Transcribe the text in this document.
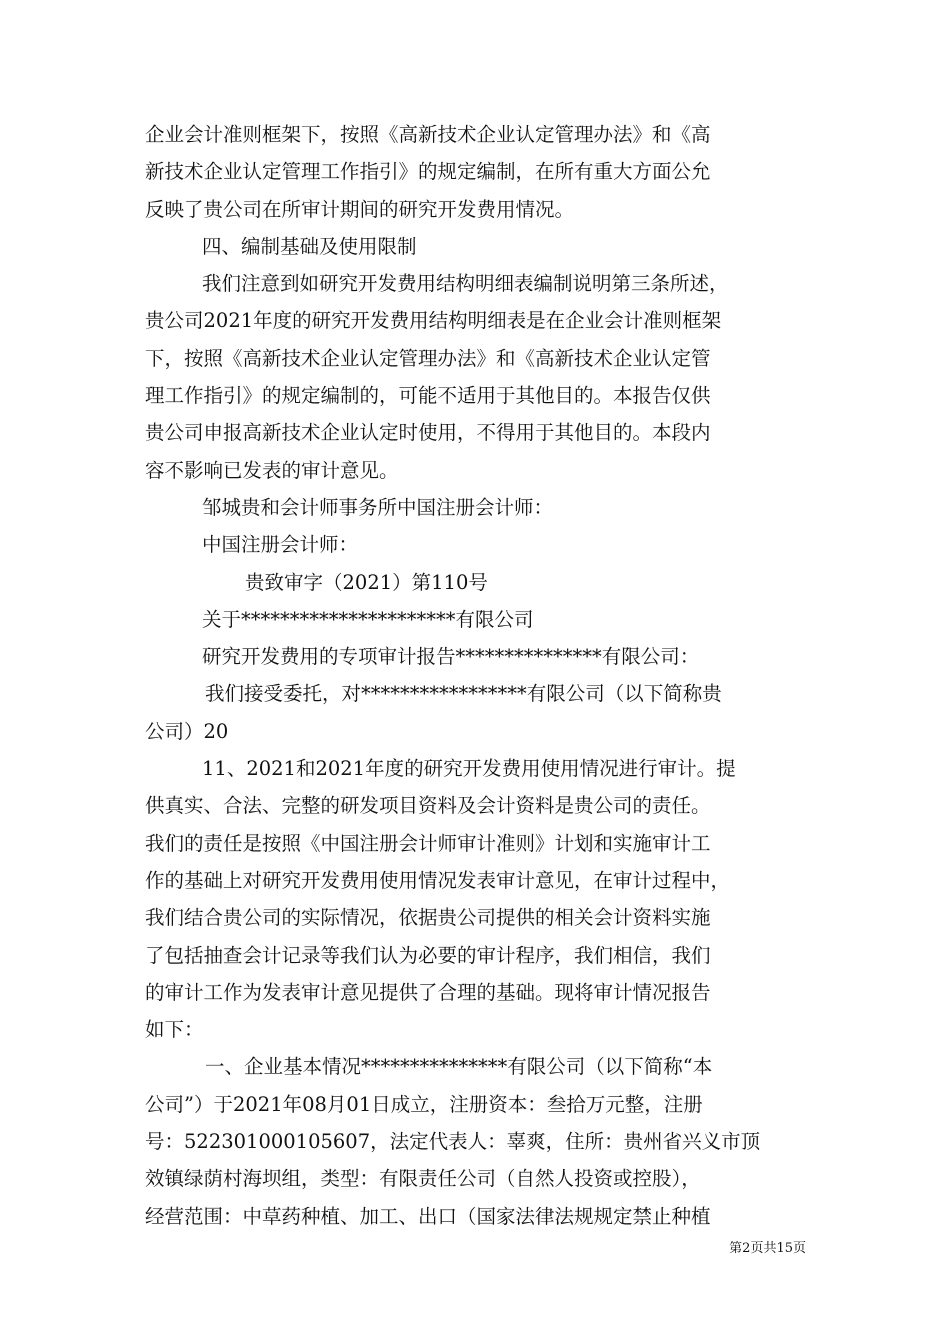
企业会计准则框架下，按照《高新技术企业认定管理办法》和《高
新技术企业认定管理工作指引》的规定编制，在所有重大方面公允
反映了贵公司在所审计期间的研究开发费用情况。
四、编制基础及使用限制
我们注意到如研究开发费用结构明细表编制说明第三条所述，
贵公司2021年度的研究开发费用结构明细表是在企业会计准则框架
下，按照《高新技术企业认定管理办法》和《高新技术企业认定管
理工作指引》的规定编制的，可能不适用于其他目的。本报告仅供
贵公司申报高新技术企业认定时使用，不得用于其他目的。本段内
容不影响已发表的审计意见。
邹城贵和会计师事务所中国注册会计师：
中国注册会计师：
贵致审字（2021）第110号
关于**********************有限公司
研究开发费用的专项审计报告***************有限公司：
我们接受委托，对*****************有限公司（以下简称贵
公司）20
11、2021和2021年度的研究开发费用使用情况进行审计。提
供真实、合法、完整的研发项目资料及会计资料是贵公司的责任。
我们的责任是按照《中国注册会计师审计准则》计划和实施审计工
作的基础上对研究开发费用使用情况发表审计意见，在审计过程中，
我们结合贵公司的实际情况，依据贵公司提供的相关会计资料实施
了包括抽查会计记录等我们认为必要的审计程序，我们相信，我们
的审计工作为发表审计意见提供了合理的基础。现将审计情况报告
如下：
一、企业基本情况***************有限公司（以下简称“本
公司”）于2021年08月01日成立，注册资本：叁拾万元整，注册
号：522301000105607，法定代表人：辜爽，住所：贵州省兴义市顶
效镇绿荫村海坝组，类型：有限责任公司（自然人投资或控股），
经营范围：中草药种植、加工、出口（国家法律法规规定禁止种植
第2页共15页
